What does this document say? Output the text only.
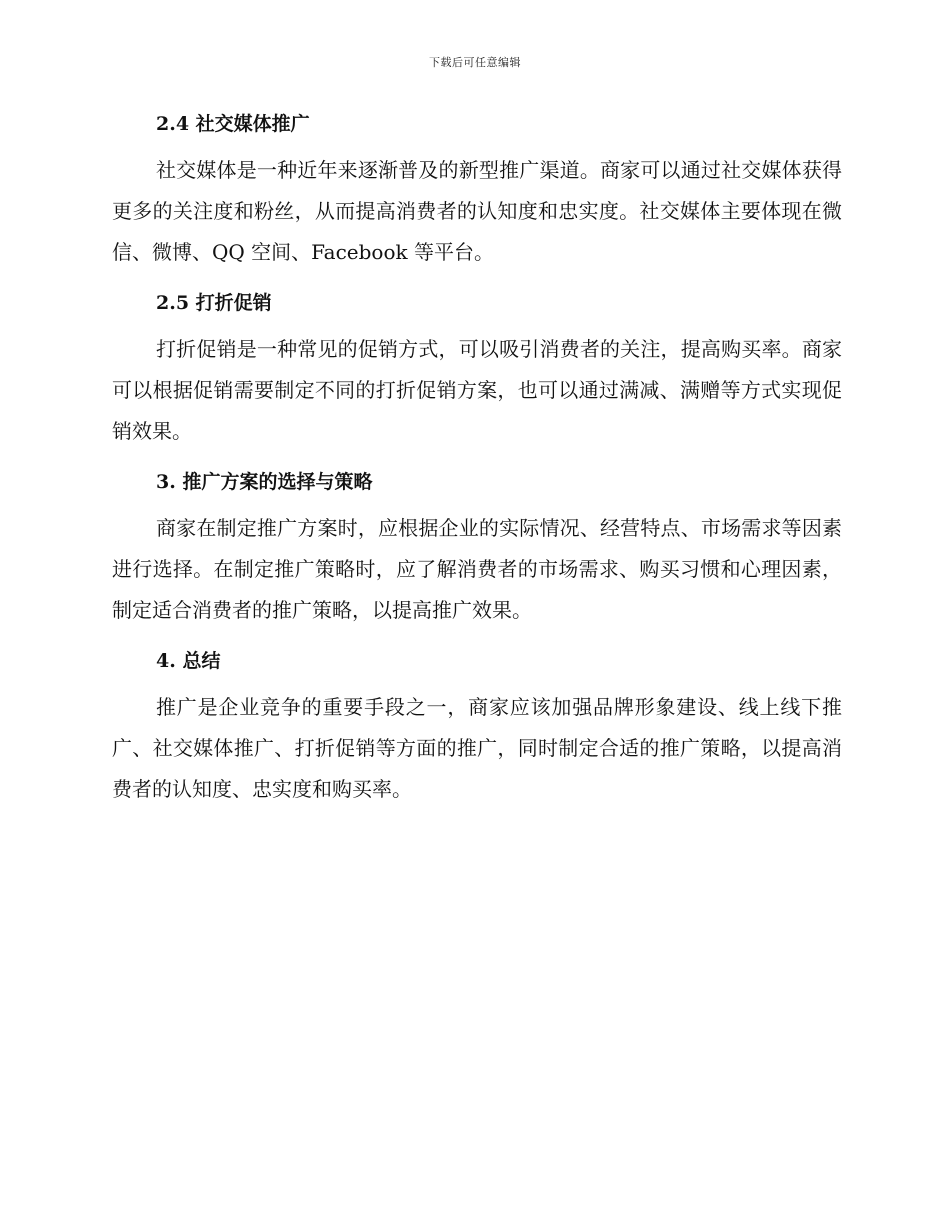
下载后可任意编辑
2.4 社交媒体推广

社交媒体是一种近年来逐渐普及的新型推广渠道。商家可以通过社交媒体获得更多的关注度和粉丝，从而提高消费者的认知度和忠实度。社交媒体主要体现在微信、微博、QQ 空间、Facebook 等平台。

2.5 打折促销

打折促销是一种常见的促销方式，可以吸引消费者的关注，提高购买率。商家可以根据促销需要制定不同的打折促销方案，也可以通过满减、满赠等方式实现促销效果。

3. 推广方案的选择与策略

商家在制定推广方案时，应根据企业的实际情况、经营特点、市场需求等因素进行选择。在制定推广策略时，应了解消费者的市场需求、购买习惯和心理因素，制定适合消费者的推广策略，以提高推广效果。

4. 总结

推广是企业竞争的重要手段之一，商家应该加强品牌形象建设、线上线下推广、社交媒体推广、打折促销等方面的推广，同时制定合适的推广策略，以提高消费者的认知度、忠实度和购买率。
